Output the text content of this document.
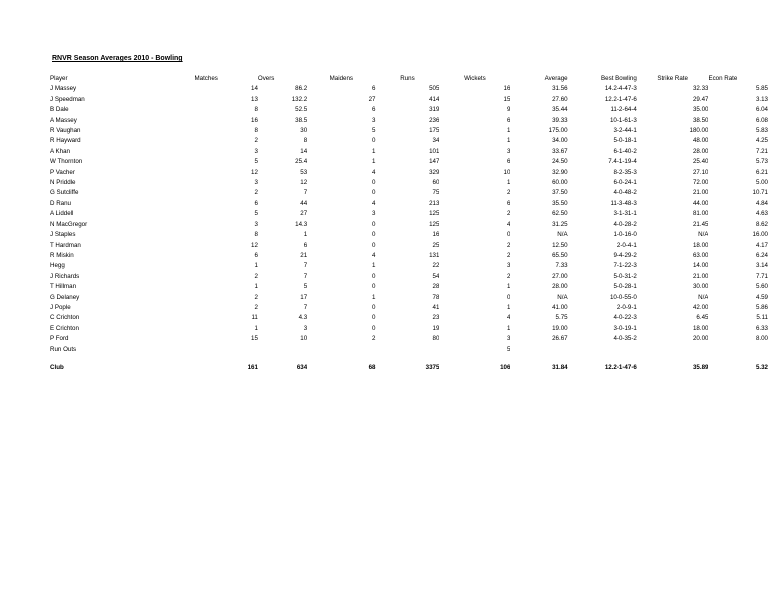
RNVR Season Averages 2010 - Bowling
Player	Matches	Overs	Maidens	Runs	Wickets	Average	Best Bowling	Strike Rate	Econ Rate
J Massey	14	86.2	6	505	16	31.56	14.2-4-47-3	32.33	5.85
J Speedman	13	132.2	27	414	15	27.60	12.2-1-47-6	29.47	3.13
B Dale	8	52.5	6	319	9	35.44	11-2-64-4	35.00	6.04
A Massey	16	38.5	3	236	6	39.33	10-1-61-3	38.50	6.08
R Vaughan	8	30	5	175	1	175.00	3-2-44-1	180.00	5.83
R Hayward	2	8	0	34	1	34.00	5-0-18-1	48.00	4.25
A Khan	3	14	1	101	3	33.67	6-1-40-2	28.00	7.21
W Thornton	5	25.4	1	147	6	24.50	7.4-1-19-4	25.40	5.73
P Vacher	12	53	4	329	10	32.90	8-2-35-3	27.10	6.21
N Priddle	3	12	0	60	1	60.00	6-0-24-1	72.00	5.00
G Sutcliffe	2	7	0	75	2	37.50	4-0-48-2	21.00	10.71
D Ranu	6	44	4	213	6	35.50	11-3-48-3	44.00	4.84
A Liddell	5	27	3	125	2	62.50	3-1-31-1	81.00	4.63
N MacGregor	3	14.3	0	125	4	31.25	4-0-28-2	21.45	8.62
J Staples	8	1	0	16	0	N/A	1-0-16-0	N/A	16.00
T Hardman	12	6	0	25	2	12.50	2-0-4-1	18.00	4.17
R Miskin	6	21	4	131	2	65.50	9-4-29-2	63.00	6.24
Hegg	1	7	1	22	3	7.33	7-1-22-3	14.00	3.14
J Richards	2	7	0	54	2	27.00	5-0-31-2	21.00	7.71
T Hillman	1	5	0	28	1	28.00	5-0-28-1	30.00	5.60
G Delaney	2	17	1	78	0	N/A	10-0-55-0	N/A	4.59
J Pople	2	7	0	41	1	41.00	2-0-9-1	42.00	5.86
C Crichton	11	4.3	0	23	4	5.75	4-0-22-3	6.45	5.11
E Crichton	1	3	0	19	1	19.00	3-0-19-1	18.00	6.33
P Ford	15	10	2	80	3	26.67	4-0-35-2	20.00	8.00
Run Outs					5				

Club	161	634	68	3375	106	31.84	12.2-1-47-6	35.89	5.32
